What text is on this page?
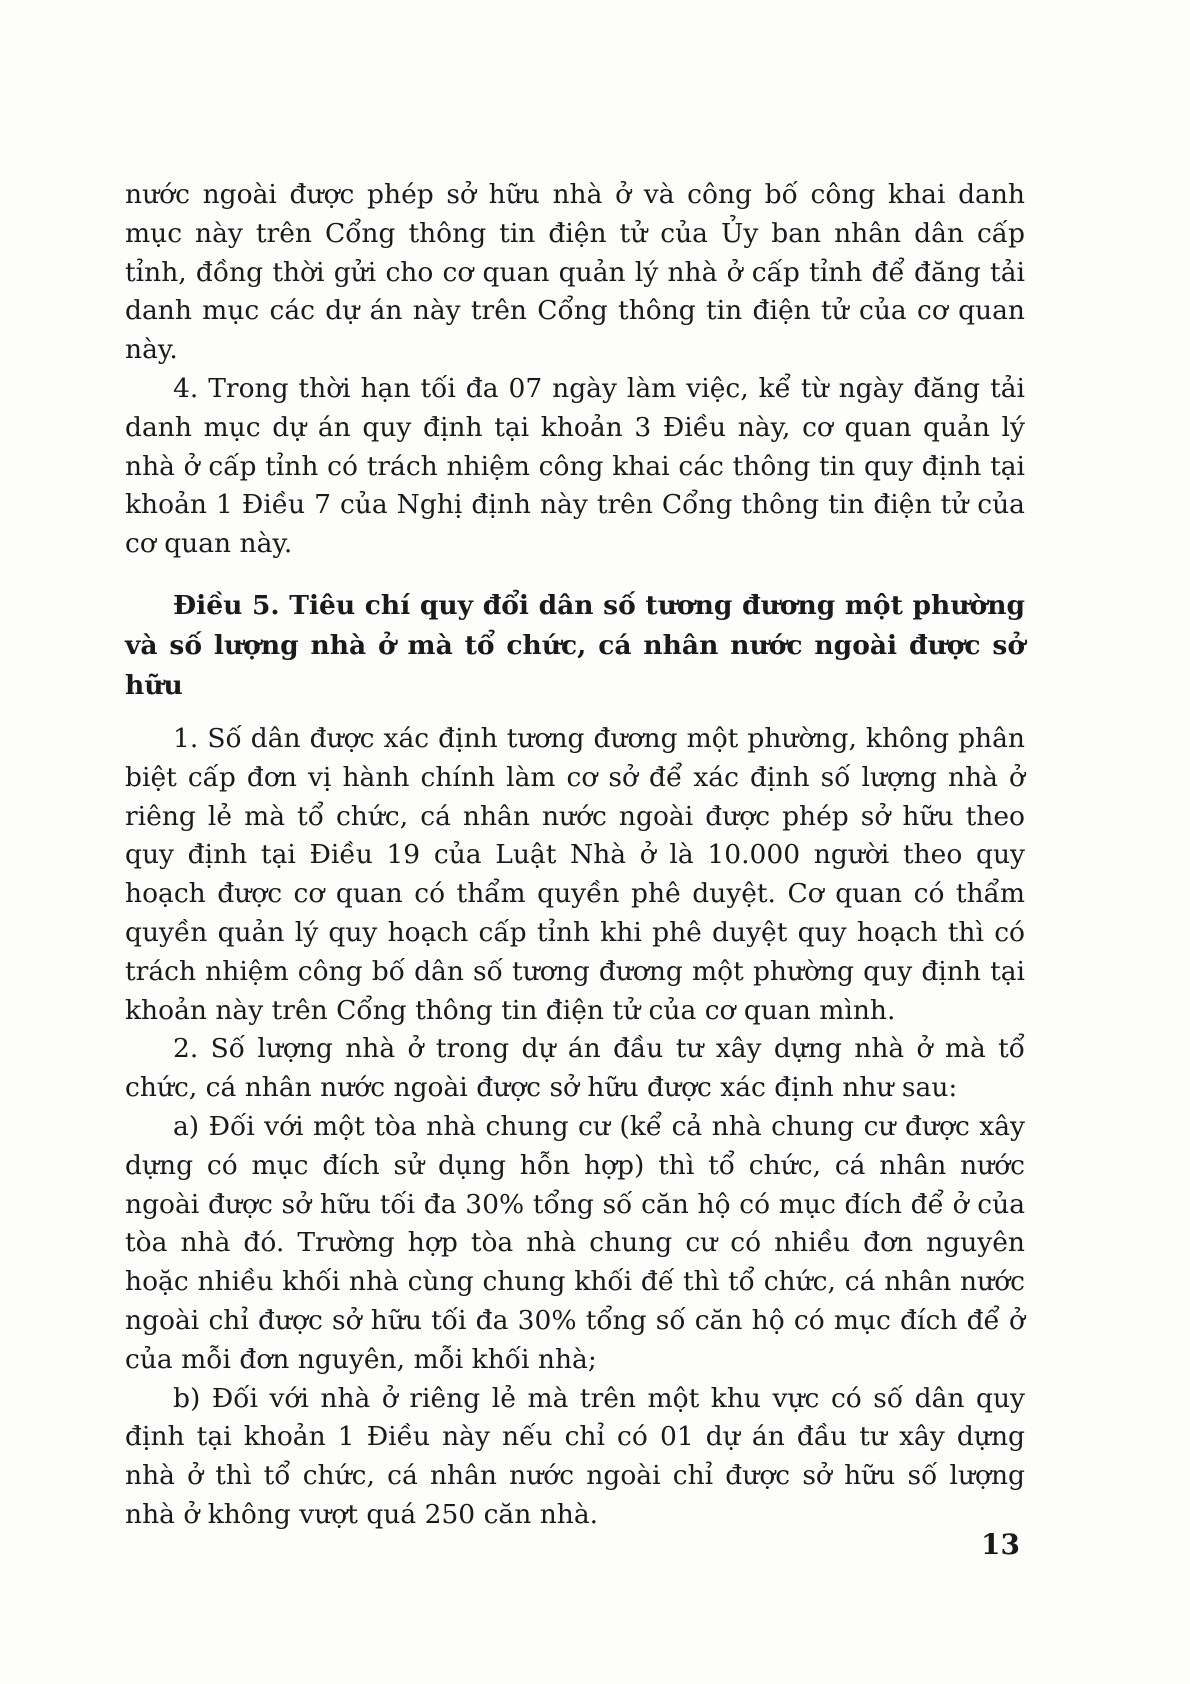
nước ngoài được phép sở hữu nhà ở và công bố công khai danh mục này trên Cổng thông tin điện tử của Ủy ban nhân dân cấp tỉnh, đồng thời gửi cho cơ quan quản lý nhà ở cấp tỉnh để đăng tải danh mục các dự án này trên Cổng thông tin điện tử của cơ quan này.

4. Trong thời hạn tối đa 07 ngày làm việc, kể từ ngày đăng tải danh mục dự án quy định tại khoản 3 Điều này, cơ quan quản lý nhà ở cấp tỉnh có trách nhiệm công khai các thông tin quy định tại khoản 1 Điều 7 của Nghị định này trên Cổng thông tin điện tử của cơ quan này.

Điều 5. Tiêu chí quy đổi dân số tương đương một phường và số lượng nhà ở mà tổ chức, cá nhân nước ngoài được sở hữu

1. Số dân được xác định tương đương một phường, không phân biệt cấp đơn vị hành chính làm cơ sở để xác định số lượng nhà ở riêng lẻ mà tổ chức, cá nhân nước ngoài được phép sở hữu theo quy định tại Điều 19 của Luật Nhà ở là 10.000 người theo quy hoạch được cơ quan có thẩm quyền phê duyệt. Cơ quan có thẩm quyền quản lý quy hoạch cấp tỉnh khi phê duyệt quy hoạch thì có trách nhiệm công bố dân số tương đương một phường quy định tại khoản này trên Cổng thông tin điện tử của cơ quan mình.

2. Số lượng nhà ở trong dự án đầu tư xây dựng nhà ở mà tổ chức, cá nhân nước ngoài được sở hữu được xác định như sau:

a) Đối với một tòa nhà chung cư (kể cả nhà chung cư được xây dựng có mục đích sử dụng hỗn hợp) thì tổ chức, cá nhân nước ngoài được sở hữu tối đa 30% tổng số căn hộ có mục đích để ở của tòa nhà đó. Trường hợp tòa nhà chung cư có nhiều đơn nguyên hoặc nhiều khối nhà cùng chung khối đế thì tổ chức, cá nhân nước ngoài chỉ được sở hữu tối đa 30% tổng số căn hộ có mục đích để ở của mỗi đơn nguyên, mỗi khối nhà;

b) Đối với nhà ở riêng lẻ mà trên một khu vực có số dân quy định tại khoản 1 Điều này nếu chỉ có 01 dự án đầu tư xây dựng nhà ở thì tổ chức, cá nhân nước ngoài chỉ được sở hữu số lượng nhà ở không vượt quá 250 căn nhà.

13
